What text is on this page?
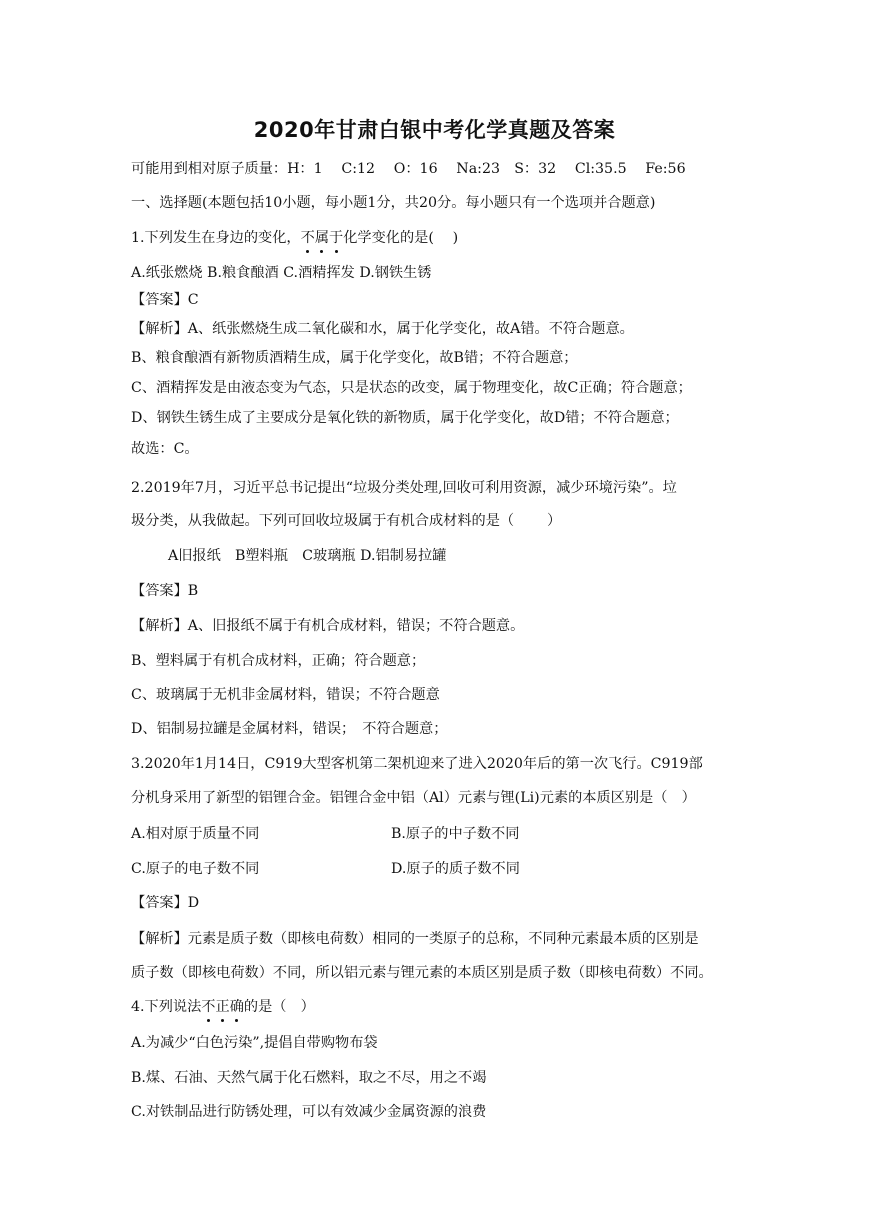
2020年甘肃白银中考化学真题及答案
可能用到相对原子质量：H：1　 C:12　 O：16　 Na:23　S：32　 Cl:35.5　 Fe:56
一、选择题(本题包括10小题，每小题1分，共20分。每小题只有一个选项并合题意)
1.下列发生在身边的变化，不属于化学变化的是(　 )
A.纸张燃烧 B.粮食酿酒 C.酒精挥发 D.钢铁生锈
【答案】C
【解析】A、纸张燃烧生成二氧化碳和水，属于化学变化，故A错。不符合题意。
B、粮食酿酒有新物质酒精生成，属于化学变化，故B错；不符合题意；
C、酒精挥发是由液态变为气态，只是状态的改变，属于物理变化，故C正确；符合题意；
D、钢铁生锈生成了主要成分是氧化铁的新物质，属于化学变化，故D错；不符合题意；
故选：C。
2.2019年7月，习近平总书记提出“垃圾分类处理,回收可利用资源，减少环境污染”。垃
圾分类，从我做起。下列可回收垃圾属于有机合成材料的是（　　 ）
A旧报纸　B塑料瓶　C玻璃瓶 D.铝制易拉罐
【答案】B
【解析】A、旧报纸不属于有机合成材料，错误；不符合题意。
B、塑料属于有机合成材料，正确；符合题意；
C、玻璃属于无机非金属材料，错误；不符合题意
D、铝制易拉罐是金属材料，错误；　不符合题意；
3.2020年1月14日，C919大型客机第二架机迎来了进入2020年后的第一次飞行。C919部
分机身采用了新型的铝锂合金。铝锂合金中铝（Al）元素与锂(Li)元素的本质区别是（　）
A.相对原于质量不同	B.原子的中子数不同
C.原子的电子数不同	D.原子的质子数不同
【答案】D
【解析】元素是质子数（即核电荷数）相同的一类原子的总称，不同种元素最本质的区别是
质子数（即核电荷数）不同，所以铝元素与锂元素的本质区别是质子数（即核电荷数）不同。
4.下列说法不正确的是（　）
A.为减少“白色污染”,提倡自带购物布袋
B.煤、石油、天然气属于化石燃料，取之不尽，用之不竭
C.对铁制品进行防锈处理，可以有效减少金属资源的浪费
